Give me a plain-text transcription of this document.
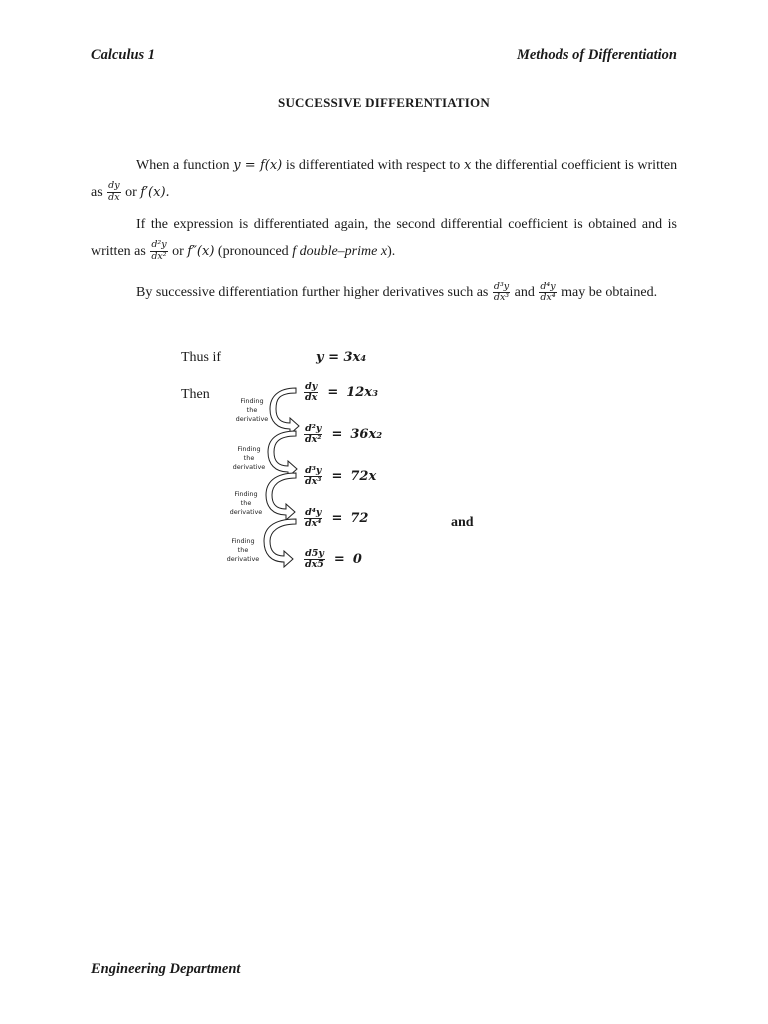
Calculus 1	Methods of Differentiation
SUCCESSIVE DIFFERENTIATION
When a function y = f(x) is differentiated with respect to x the differential coefficient is written as $\frac{dy}{dx}$ or f′(x).
If the expression is differentiated again, the second differential coefficient is obtained and is written as $\frac{\text{d²y}}{\text{dx²}}$ or f″(x) (pronounced f double–prime x).
By successive differentiation further higher derivatives such as $\frac{\text{d³y}}{\text{dx³}}$ and $\frac{\text{d⁴y}}{\text{dx⁴}}$ may be obtained.
Thus if	y = 3x 4
Then	$\frac{dy}{dx} = 12x$ 3
$\frac{\text{d²y}}{\text{dx²}} = 36x$ 2
$\frac{\text{d³y}}{\text{dx³}} = 72x$
$\frac{\text{d⁴y}}{\text{dx⁴}} = 72$	and
$\frac{d5y}{dx5} = 0$
Finding
the
derivative
Finding
the
derivative
Finding
the
derivative
Finding
the
derivative
Engineering Department
